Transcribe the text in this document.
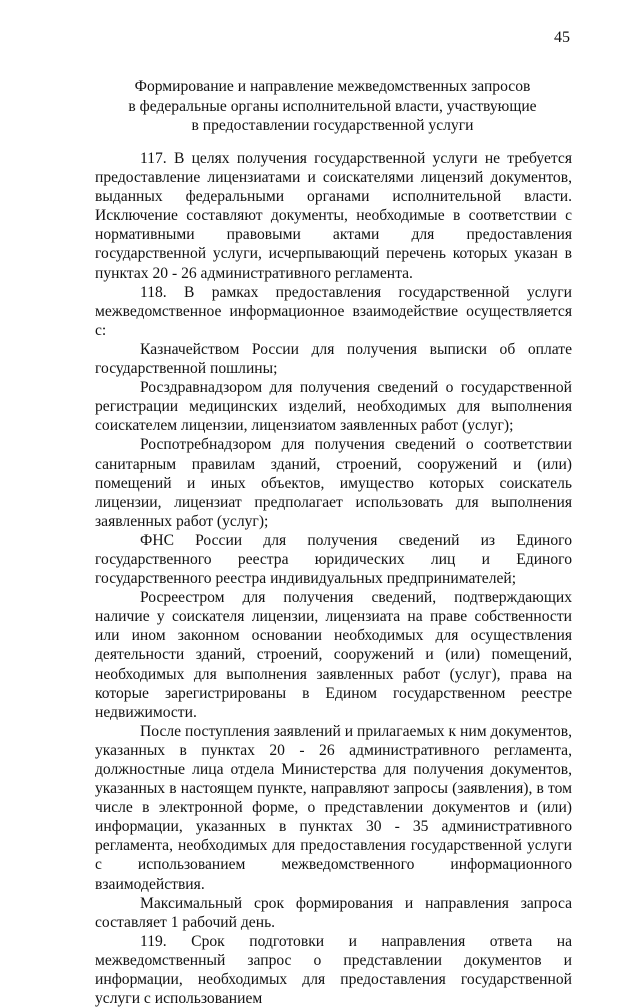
45
Формирование и направление межведомственных запросов
в федеральные органы исполнительной власти, участвующие
в предоставлении государственной услуги

117. В целях получения государственной услуги не требуется предоставление лицензиатами и соискателями лицензий документов, выданных федеральными органами исполнительной власти. Исключение составляют документы, необходимые в соответствии с нормативными правовыми актами для предоставления государственной услуги, исчерпывающий перечень которых указан в пунктах 20 - 26 административного регламента.

118. В рамках предоставления государственной услуги межведомственное информационное взаимодействие осуществляется с:

Казначейством России для получения выписки об оплате государственной пошлины;

Росздравнадзором для получения сведений о государственной регистрации медицинских изделий, необходимых для выполнения соискателем лицензии, лицензиатом заявленных работ (услуг);

Роспотребнадзором для получения сведений о соответствии санитарным правилам зданий, строений, сооружений и (или) помещений и иных объектов, имущество которых соискатель лицензии, лицензиат предполагает использовать для выполнения заявленных работ (услуг);

ФНС России для получения сведений из Единого государственного реестра юридических лиц и Единого государственного реестра индивидуальных предпринимателей;

Росреестром для получения сведений, подтверждающих наличие у соискателя лицензии, лицензиата на праве собственности или ином законном основании необходимых для осуществления деятельности зданий, строений, сооружений и (или) помещений, необходимых для выполнения заявленных работ (услуг), права на которые зарегистрированы в Едином государственном реестре недвижимости.

После поступления заявлений и прилагаемых к ним документов, указанных в пунктах 20 - 26 административного регламента, должностные лица отдела Министерства для получения документов, указанных в настоящем пункте, направляют запросы (заявления), в том числе в электронной форме, о представлении документов и (или) информации, указанных в пунктах 30 - 35 административного регламента, необходимых для предоставления государственной услуги с использованием межведомственного информационного взаимодействия.

Максимальный срок формирования и направления запроса составляет 1 рабочий день.

119. Срок подготовки и направления ответа на межведомственный запрос о представлении документов и информации, необходимых для предоставления государственной услуги с использованием
